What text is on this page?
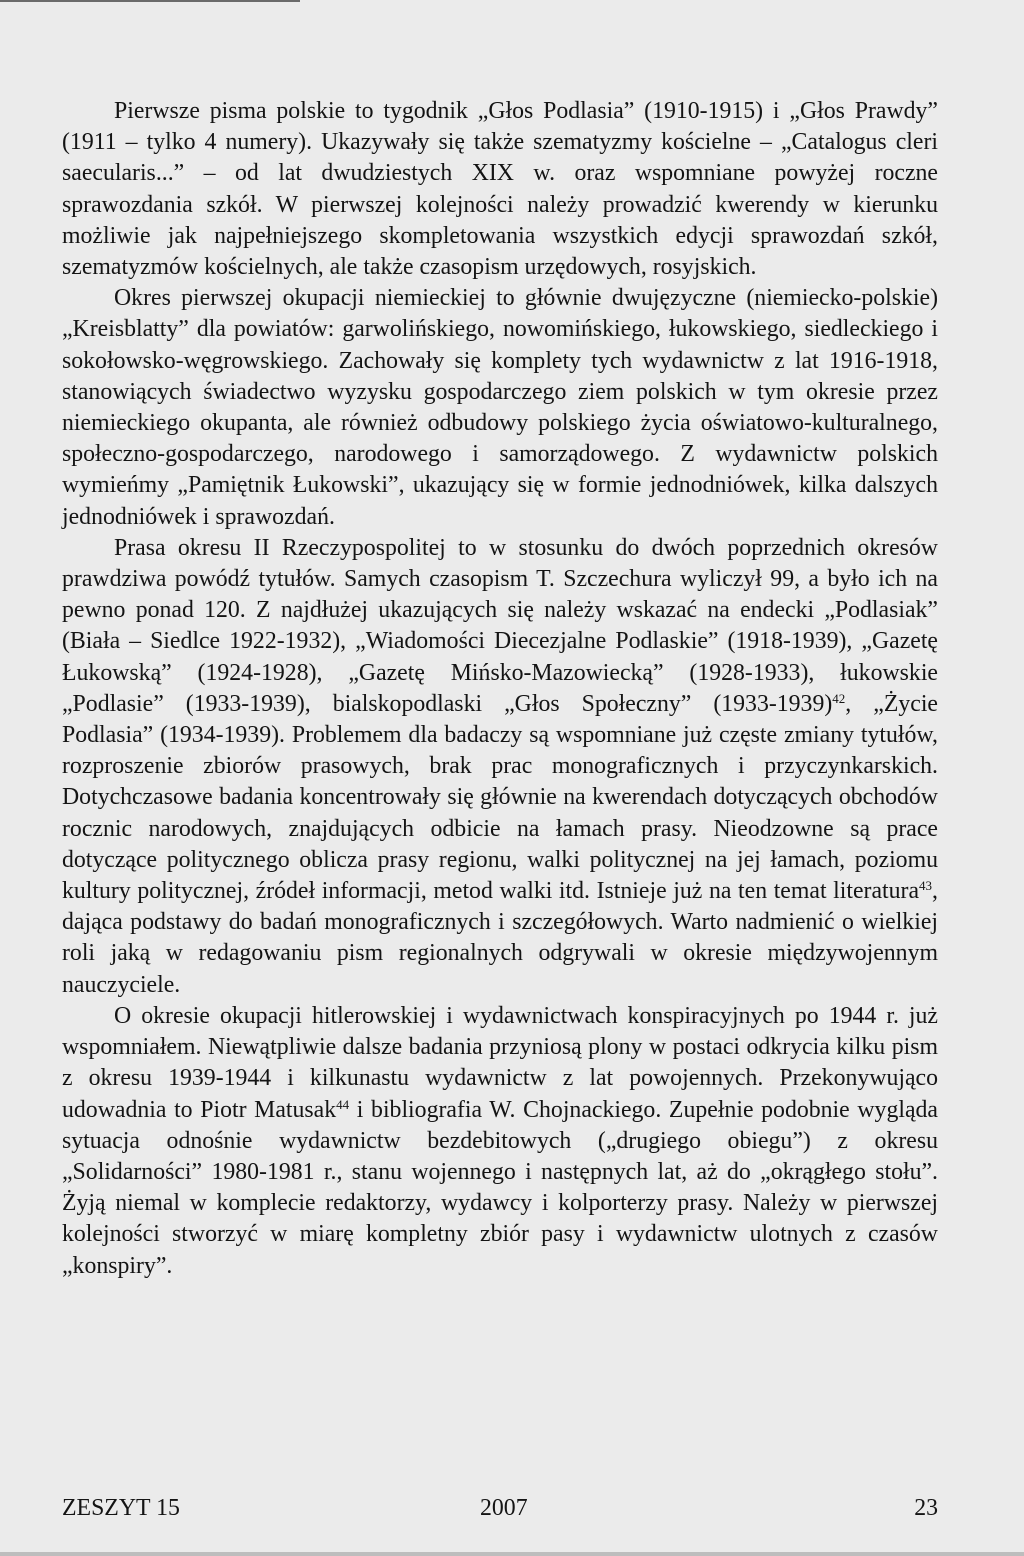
Pierwsze pisma polskie to tygodnik „Głos Podlasia” (1910-1915) i „Głos Prawdy” (1911 – tylko 4 numery). Ukazywały się także szematyzmy kościelne – „Catalogus cleri saecularis...” – od lat dwudziestych XIX w. oraz wspomniane powyżej roczne sprawozdania szkół. W pierwszej kolejności należy prowadzić kwerendy w kierunku możliwie jak najpełniejszego skompletowania wszystkich edycji sprawozdań szkół, szematyzmów kościelnych, ale także czasopism urzędowych, rosyjskich.

Okres pierwszej okupacji niemieckiej to głównie dwujęzyczne (niemiecko-polskie) „Kreisblatty” dla powiatów: garwolińskiego, nowomińskiego, łukowskiego, siedleckiego i sokołowsko-węgrowskiego. Zachowały się komplety tych wydawnictw z lat 1916-1918, stanowiących świadectwo wyzysku gospodarczego ziem polskich w tym okresie przez niemieckiego okupanta, ale również odbudowy polskiego życia oświatowo-kulturalnego, społeczno-gospodarczego, narodowego i samorządowego. Z wydawnictw polskich wymieńmy „Pamiętnik Łukowski”, ukazujący się w formie jednodniówek, kilka dalszych jednodniówek i sprawozdań.

Prasa okresu II Rzeczypospolitej to w stosunku do dwóch poprzednich okresów prawdziwa powódź tytułów. Samych czasopism T. Szczechura wyliczył 99, a było ich na pewno ponad 120. Z najdłużej ukazujących się należy wskazać na endecki „Podlasiak” (Biała – Siedlce 1922-1932), „Wiadomości Diecezjalne Podlaskie” (1918-1939), „Gazetę Łukowską” (1924-1928), „Gazetę Mińsko-Mazowiecką” (1928-1933), łukowskie „Podlasie” (1933-1939), bialskopodlaski „Głos Społeczny” (1933-1939)$^{42}$, „Życie Podlasia” (1934-1939). Problemem dla badaczy są wspomniane już częste zmiany tytułów, rozproszenie zbiorów prasowych, brak prac monograficznych i przyczynkarskich. Dotychczasowe badania koncentrowały się głównie na kwerendach dotyczących obchodów rocznic narodowych, znajdujących odbicie na łamach prasy. Nieodzowne są prace dotyczące politycznego oblicza prasy regionu, walki politycznej na jej łamach, poziomu kultury politycznej, źródeł informacji, metod walki itd. Istnieje już na ten temat literatura$^{43}$, dająca podstawy do badań monograficznych i szczegółowych. Warto nadmienić o wielkiej roli jaką w redagowaniu pism regionalnych odgrywali w okresie międzywojennym nauczyciele.

O okresie okupacji hitlerowskiej i wydawnictwach konspiracyjnych po 1944 r. już wspomniałem. Niewątpliwie dalsze badania przyniosą plony w postaci odkrycia kilku pism z okresu 1939-1944 i kilkunastu wydawnictw z lat powojennych. Przekonywująco udowadnia to Piotr Matusak$^{44}$ i bibliografia W. Chojnackiego. Zupełnie podobnie wygląda sytuacja odnośnie wydawnictw bezdebitowych („drugiego obiegu”) z okresu „Solidarności” 1980-1981 r., stanu wojennego i następnych lat, aż do „okrągłego stołu”. Żyją niemal w komplecie redaktorzy, wydawcy i kolporterzy prasy. Należy w pierwszej kolejności stworzyć w miarę kompletny zbiór pasy i wydawnictw ulotnych z czasów „konspiry”.

ZESZYT 15	2007	23
